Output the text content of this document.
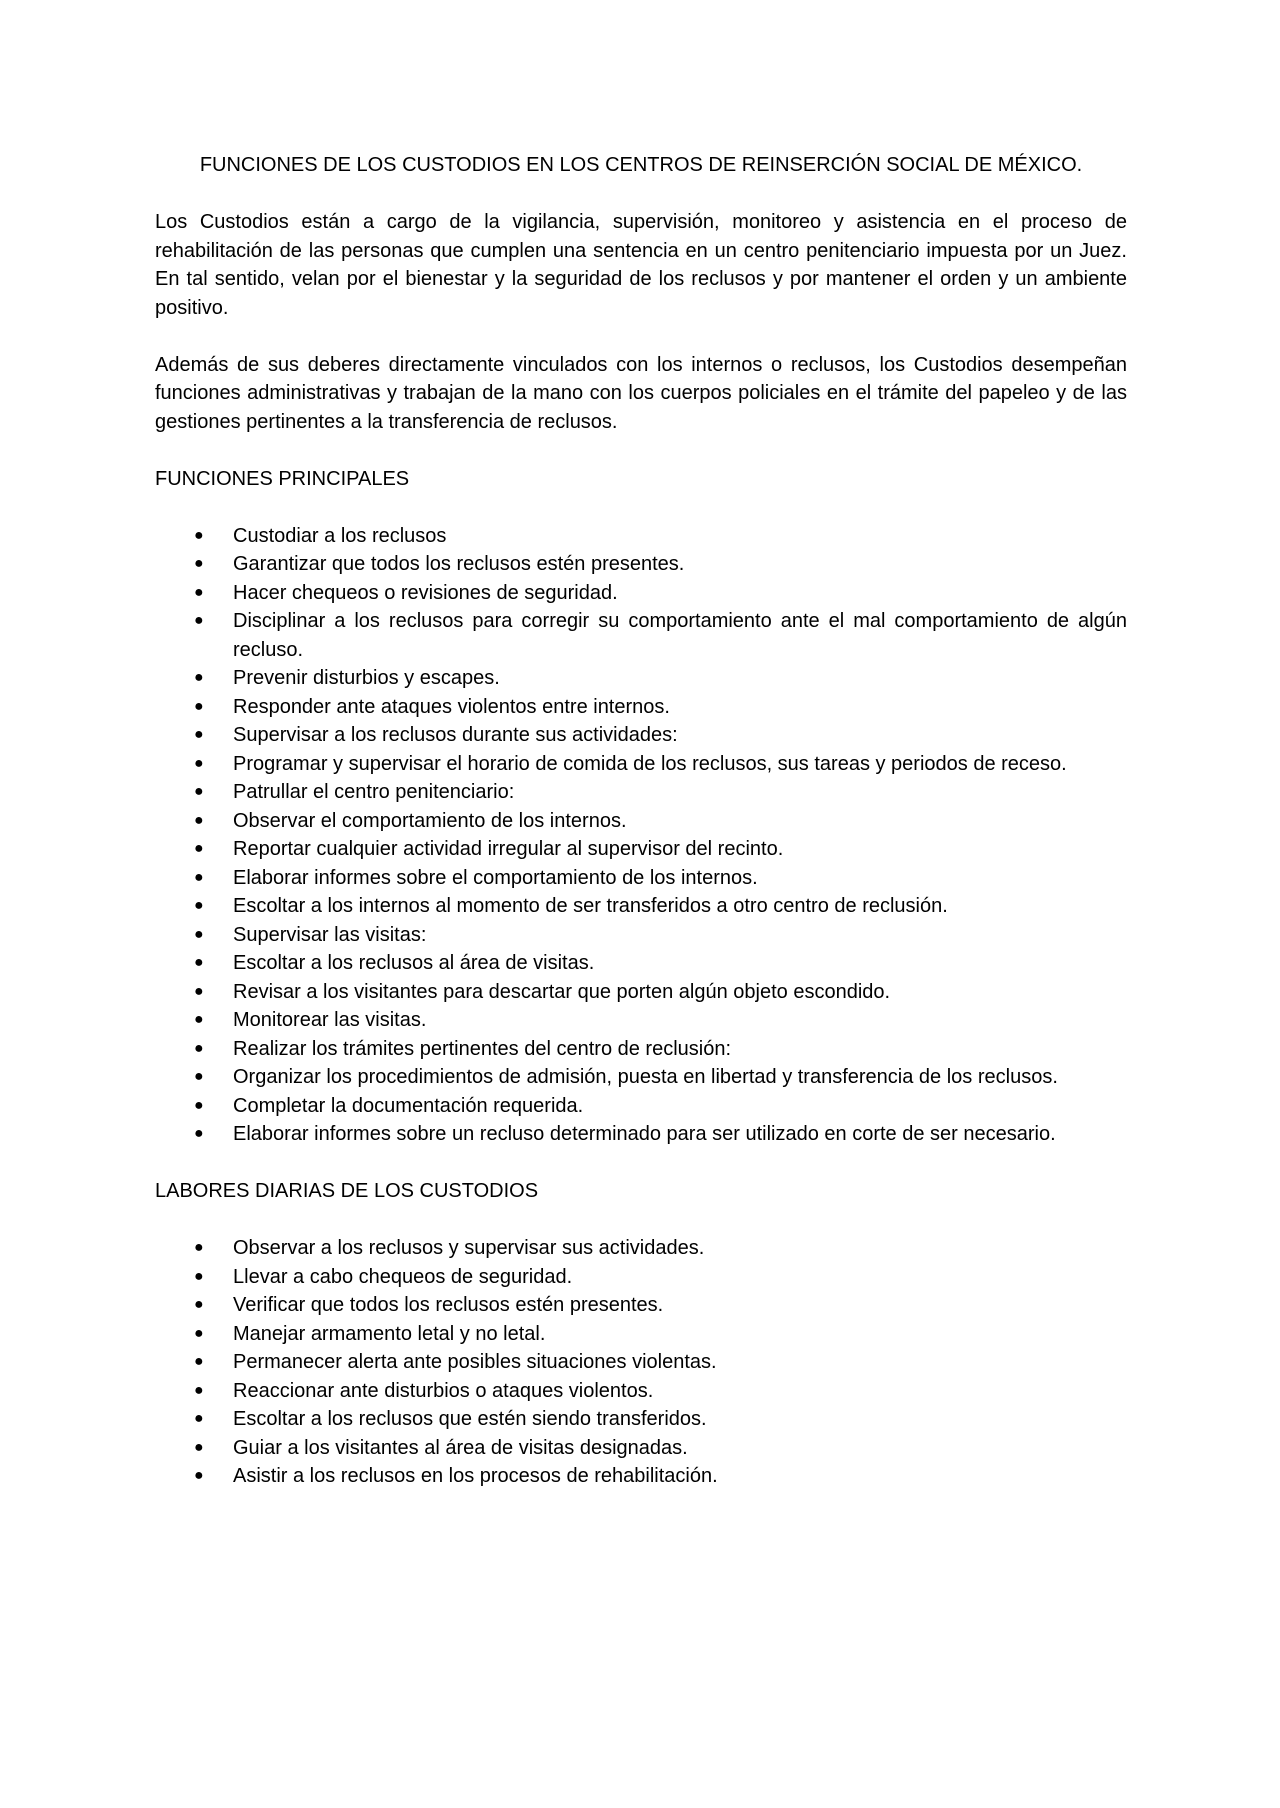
FUNCIONES DE LOS CUSTODIOS EN LOS CENTROS DE REINSERCIÓN SOCIAL DE MÉXICO.

Los Custodios están a cargo de la vigilancia, supervisión, monitoreo y asistencia en el proceso de rehabilitación de las personas que cumplen una sentencia en un centro penitenciario impuesta por un Juez. En tal sentido, velan por el bienestar y la seguridad de los reclusos y por mantener el orden y un ambiente positivo.

Además de sus deberes directamente vinculados con los internos o reclusos, los Custodios desempeñan funciones administrativas y trabajan de la mano con los cuerpos policiales en el trámite del papeleo y de las gestiones pertinentes a la transferencia de reclusos.

FUNCIONES PRINCIPALES
● Custodiar a los reclusos
● Garantizar que todos los reclusos estén presentes.
● Hacer chequeos o revisiones de seguridad.
● Disciplinar a los reclusos para corregir su comportamiento ante el mal comportamiento de algún recluso.
● Prevenir disturbios y escapes.
● Responder ante ataques violentos entre internos.
● Supervisar a los reclusos durante sus actividades:
● Programar y supervisar el horario de comida de los reclusos, sus tareas y periodos de receso.
● Patrullar el centro penitenciario:
● Observar el comportamiento de los internos.
● Reportar cualquier actividad irregular al supervisor del recinto.
● Elaborar informes sobre el comportamiento de los internos.
● Escoltar a los internos al momento de ser transferidos a otro centro de reclusión.
● Supervisar las visitas:
● Escoltar a los reclusos al área de visitas.
● Revisar a los visitantes para descartar que porten algún objeto escondido.
● Monitorear las visitas.
● Realizar los trámites pertinentes del centro de reclusión:
● Organizar los procedimientos de admisión, puesta en libertad y transferencia de los reclusos.
● Completar la documentación requerida.
● Elaborar informes sobre un recluso determinado para ser utilizado en corte de ser necesario.
LABORES DIARIAS DE LOS CUSTODIOS
● Observar a los reclusos y supervisar sus actividades.
● Llevar a cabo chequeos de seguridad.
● Verificar que todos los reclusos estén presentes.
● Manejar armamento letal y no letal.
● Permanecer alerta ante posibles situaciones violentas.
● Reaccionar ante disturbios o ataques violentos.
● Escoltar a los reclusos que estén siendo transferidos.
● Guiar a los visitantes al área de visitas designadas.
● Asistir a los reclusos en los procesos de rehabilitación.
